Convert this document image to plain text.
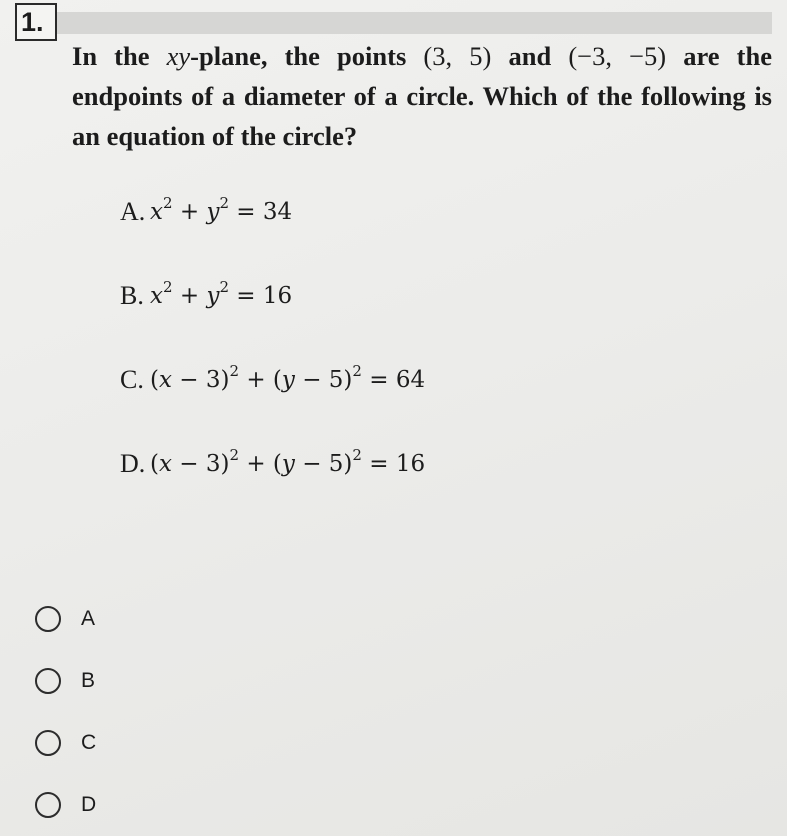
1.
In the xy-plane, the points (3, 5) and (−3, −5) are the endpoints of a diameter of a circle. Which of the following is an equation of the circle?
A. $x^2 + y^2 = 34$
B. $x^2 + y^2 = 16$
C. $(x - 3)^2 + (y - 5)^2 = 64$
D. $(x - 3)^2 + (y - 5)^2 = 16$
A
B
C
D
